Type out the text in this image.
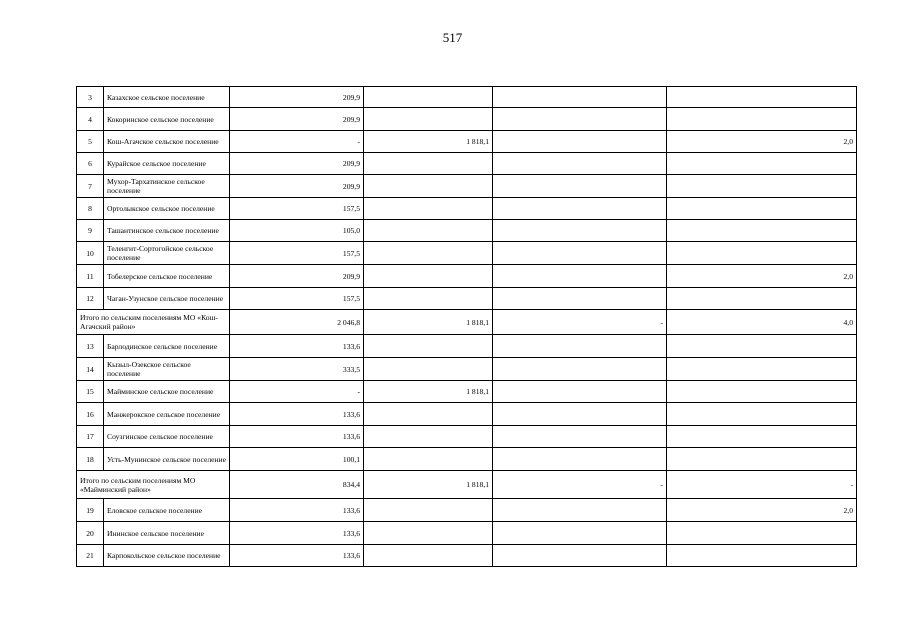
517
3	Казахское сельское поселение	209,9			
4	Кокоринское сельское поселение	209,9			
5	Кош-Агачское сельское поселение	-	1 818,1		2,0
6	Курайское сельское поселение	209,9			
7	Мухор-Тархатинское сельское поселение	209,9			
8	Ортолыкское сельское поселение	157,5			
9	Ташантинское сельское поселение	105,0			
10	Теленгит-Сортогойское сельское поселение	157,5			
11	Тобелерское сельское поселение	209,9			2,0
12	Чаган-Узунское сельское поселение	157,5			
Итого по сельским поселениям МО «Кош-Агачский район»		2 046,8	1 818,1	-	4,0
13	Барлодинское сельское поселение	133,6			
14	Кызыл-Озекское сельское поселение	333,5			
15	Майминское сельское поселение	-	1 818,1		
16	Манжерокское сельское поселение	133,6			
17	Соузгинское сельское поселение	133,6			
18	Усть-Мунинское сельское поселение	100,1			
Итого по сельским поселениям МО «Майминский район»		834,4	1 818,1	-	-
19	Еловское сельское поселение	133,6			2,0
20	Ининское сельское поселение	133,6			
21	Карпокольское сельское поселение	133,6			
